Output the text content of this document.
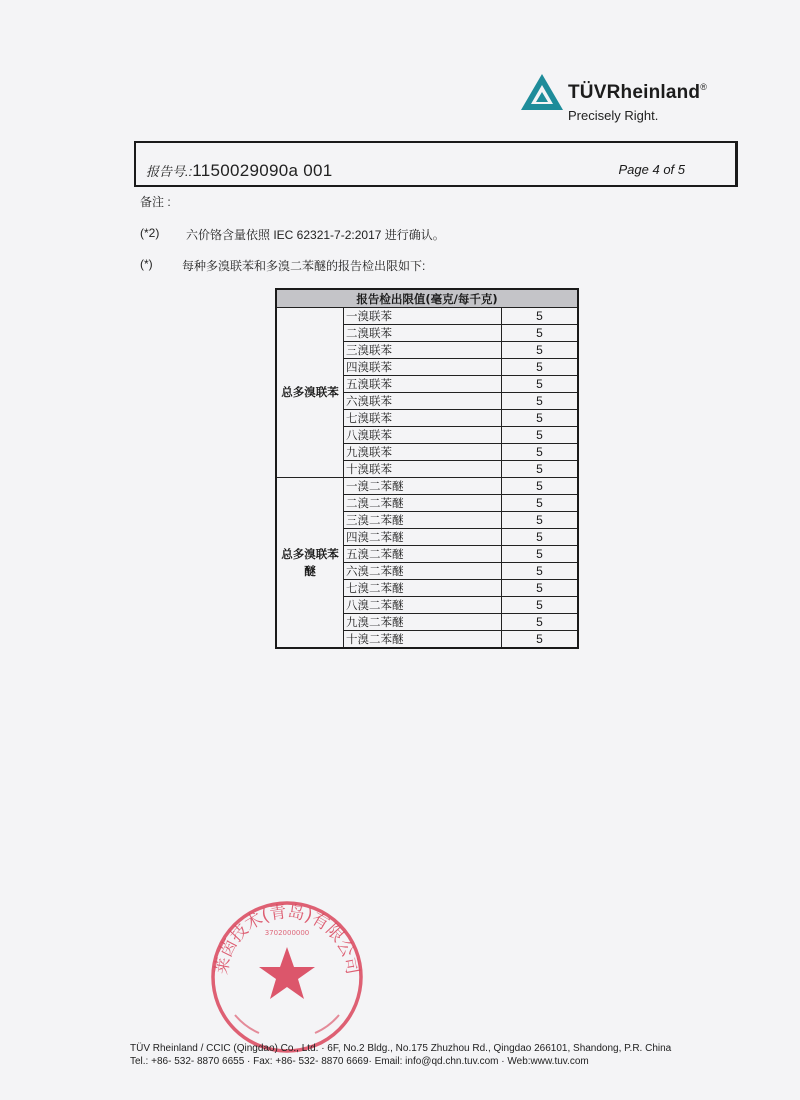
TÜVRheinland®
Precisely Right.
报告号.:1150029090a 001	Page 4 of 5
备注 :
(*2) 六价铬含量依照 IEC 62321-7-2:2017 进行确认。
(*) 每种多溴联苯和多溴二苯醚的报告检出限如下:
报告检出限值(毫克/每千克)		
总多溴联苯	一溴联苯	5
	二溴联苯	5
	三溴联苯	5
	四溴联苯	5
	五溴联苯	5
	六溴联苯	5
	七溴联苯	5
	八溴联苯	5
	九溴联苯	5
	十溴联苯	5
总多溴联苯醚	一溴二苯醚	5
	二溴二苯醚	5
	三溴二苯醚	5
	四溴二苯醚	5
	五溴二苯醚	5
	六溴二苯醚	5
	七溴二苯醚	5
	八溴二苯醚	5
	九溴二苯醚	5
	十溴二苯醚	5
莱茵技术(青岛)有限公司
3702000000
TÜV Rheinland / CCIC (Qingdao) Co., Ltd. · 6F, No.2 Bldg., No.175 Zhuzhou Rd., Qingdao 266101, Shandong, P.R. China
Tel.: +86- 532- 8870 6655 · Fax: +86- 532- 8870 6669· Email: info@qd.chn.tuv.com · Web:www.tuv.com
